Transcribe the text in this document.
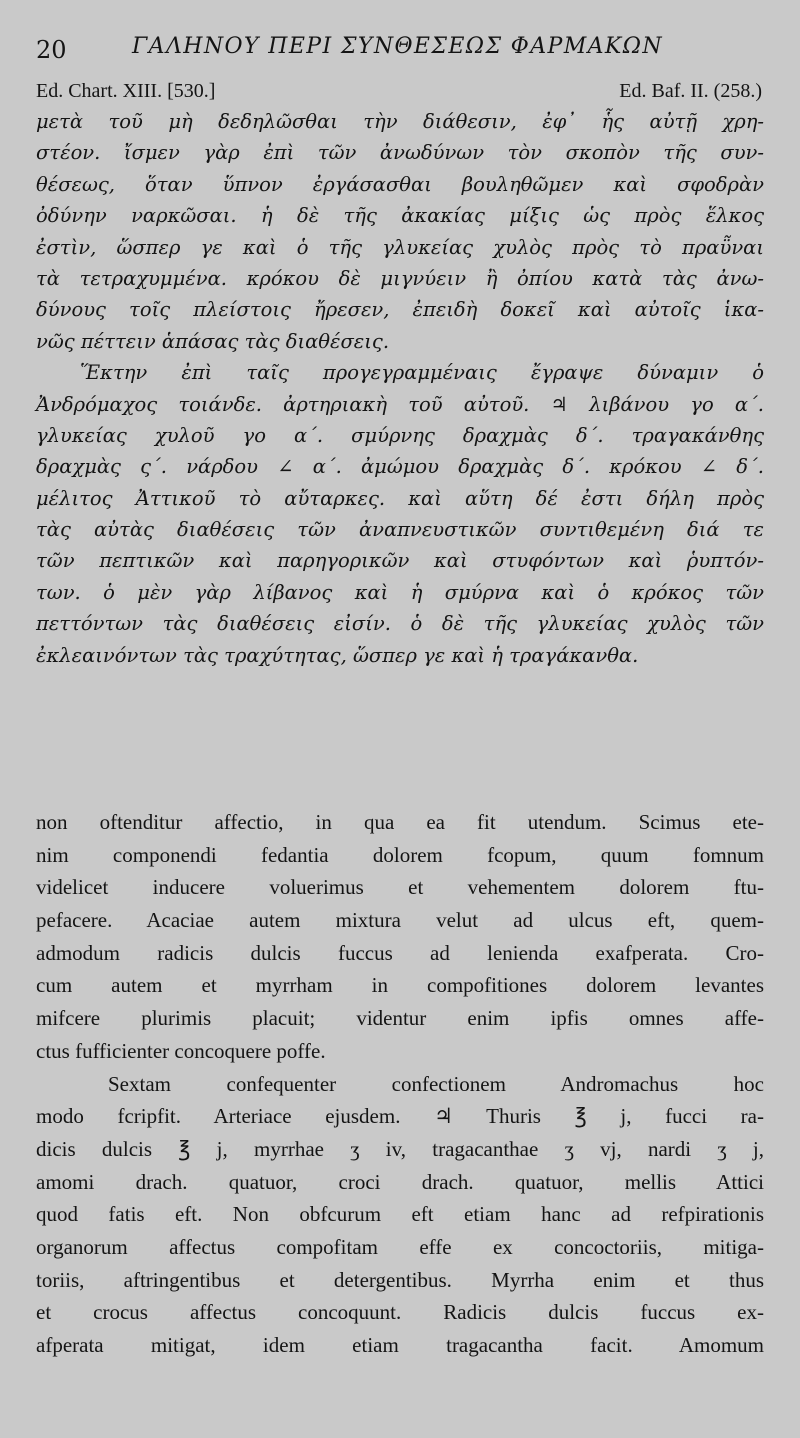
20	ΓΑΛΗΝΟΥ ΠΕΡΙ ΣΥΝΘΕΣΕΩΣ ΦΑΡΜΑΚΩΝ
Ed. Chart. XIII. [530.]	Ed. Baf. II. (258.)
μετὰ τοῦ μὴ δεδηλῶσθαι τὴν διάθεσιν, ἐφ᾽ ἧς αὐτῇ χρη-
στέον. ἴσμεν γὰρ ἐπὶ τῶν ἀνωδύνων τὸν σκοπὸν τῆς συν-
θέσεως, ὅταν ὕπνον ἐργάσασθαι βουληθῶμεν καὶ σφοδρὰν
ὀδύνην ναρκῶσαι. ἡ δὲ τῆς ἀκακίας μίξις ὡς πρὸς ἕλκος
ἐστὶν, ὥσπερ γε καὶ ὁ τῆς γλυκείας χυλὸς πρὸς τὸ πραῧναι
τὰ τετραχυμμένα. κρόκου δὲ μιγνύειν ἢ ὀπίου κατὰ τὰς ἀνω-
δύνους τοῖς πλείστοις ἤρεσεν, ἐπειδὴ δοκεῖ καὶ αὐτοῖς ἱκα-
νῶς πέττειν ἁπάσας τὰς διαθέσεις.
Ἕκτην ἐπὶ ταῖς προγεγραμμέναις ἔγραψε δύναμιν ὁ
Ἀνδρόμαχος τοιάνδε. ἀρτηριακὴ τοῦ αὐτοῦ. ♃ λιβάνου γο α΄.
γλυκείας χυλοῦ γο α΄. σμύρνης δραχμὰς δ΄. τραγακάνθης
δραχμὰς ς΄. νάρδου ∠ α΄. ἀμώμου δραχμὰς δ΄. κρόκου ∠ δ΄.
μέλιτος Ἀττικοῦ τὸ αὔταρκες. καὶ αὕτη δέ ἐστι δήλη πρὸς
τὰς αὐτὰς διαθέσεις τῶν ἀναπνευστικῶν συντιθεμένη διά τε
τῶν πεπτικῶν καὶ παρηγορικῶν καὶ στυφόντων καὶ ῥυπτόν-
των. ὁ μὲν γὰρ λίβανος καὶ ἡ σμύρνα καὶ ὁ κρόκος τῶν
πεττόντων τὰς διαθέσεις εἰσίν. ὁ δὲ τῆς γλυκείας χυλὸς τῶν
ἐκλεαινόντων τὰς τραχύτητας, ὥσπερ γε καὶ ἡ τραγάκανθα.
non oftenditur affectio, in qua ea fit utendum. Scimus ete-
nim componendi fedantia dolorem fcopum, quum fomnum
videlicet inducere voluerimus et vehementem dolorem ftu-
pefacere. Acaciae autem mixtura velut ad ulcus eft, quem-
admodum radicis dulcis fuccus ad lenienda exafperata. Cro-
cum autem et myrrham in compofitiones dolorem levantes
mifcere plurimis placuit; videntur enim ipfis omnes affe-
ctus fufficienter concoquere poffe.
Sextam confequenter confectionem Andromachus hoc
modo fcripfit. Arteriace ejusdem. ♃ Thuris ℥ j, fucci ra-
dicis dulcis ℥ j, myrrhae ʒ iv, tragacanthae ʒ vj, nardi ʒ j,
amomi drach. quatuor, croci drach. quatuor, mellis Attici
quod fatis eft. Non obfcurum eft etiam hanc ad refpirationis
organorum affectus compofitam effe ex concoctoriis, mitiga-
toriis, aftringentibus et detergentibus. Myrrha enim et thus
et crocus affectus concoquunt. Radicis dulcis fuccus ex-
afperata mitigat, idem etiam tragacantha facit. Amomum
